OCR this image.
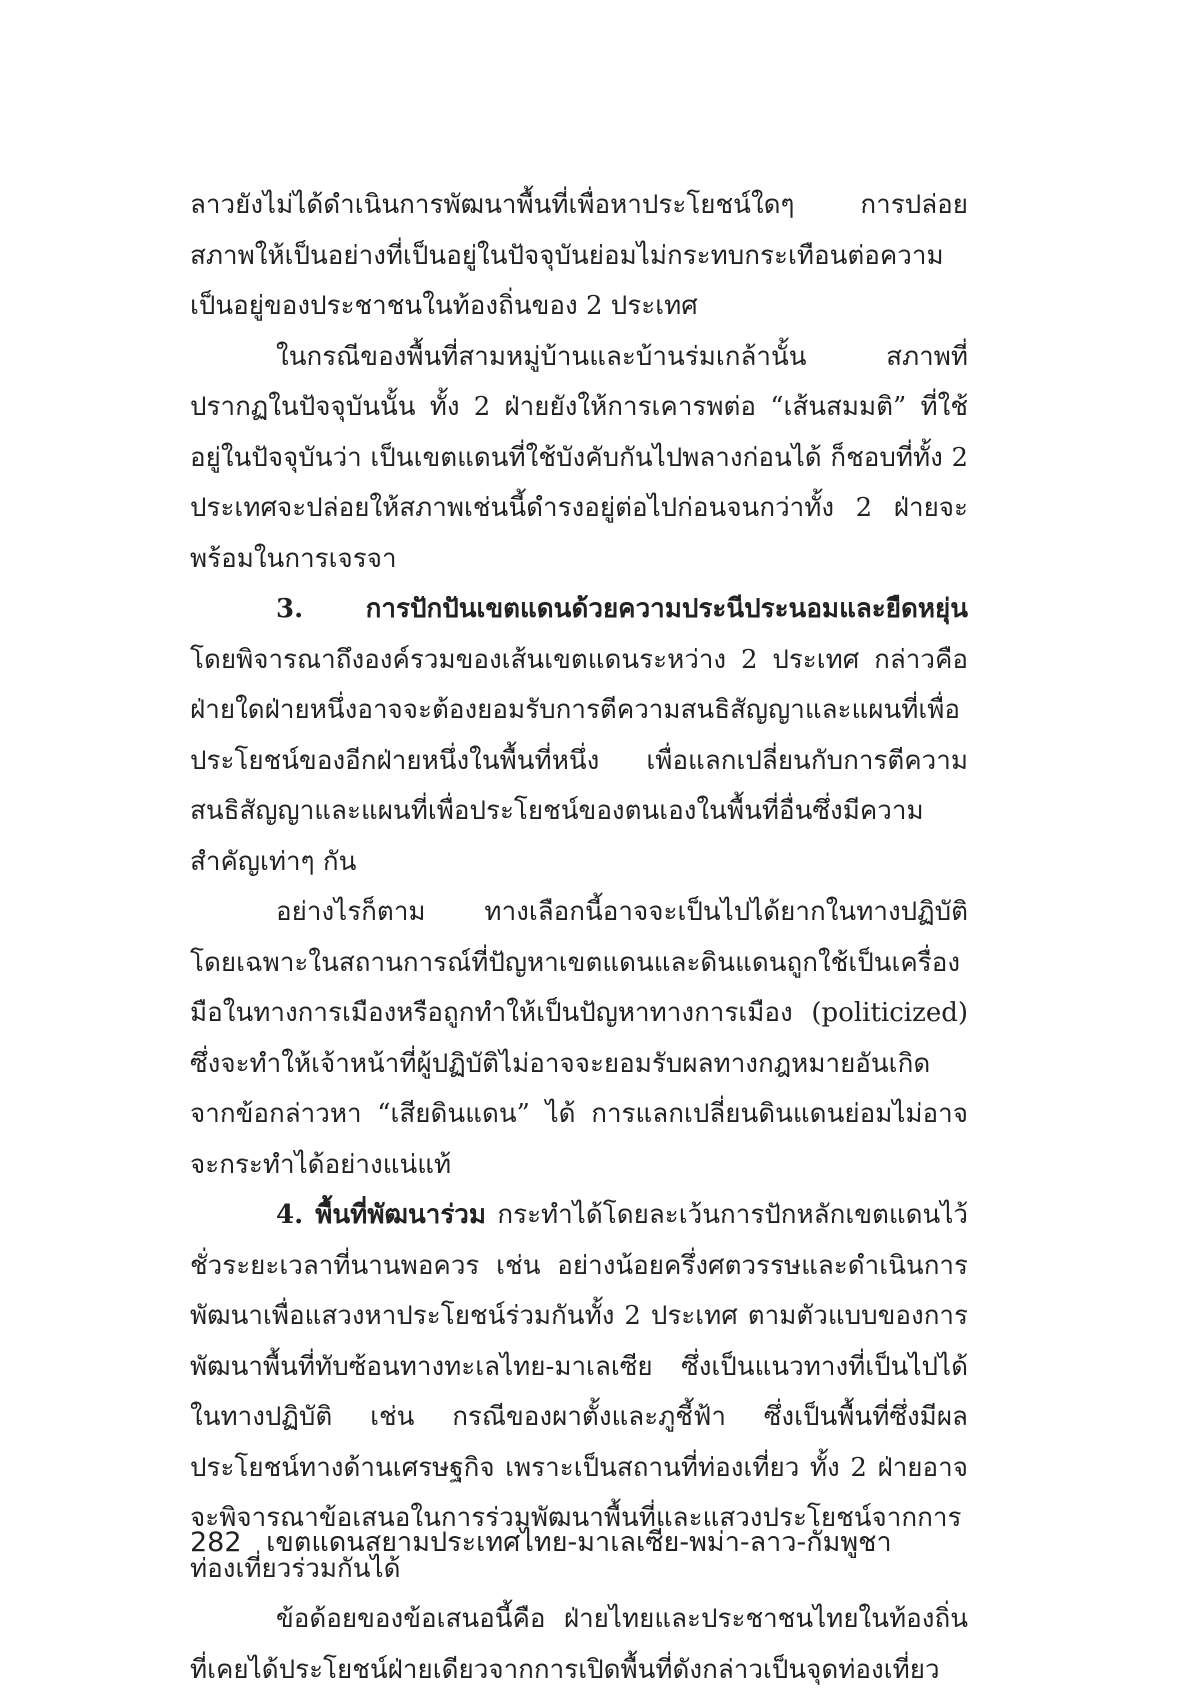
ลาวยังไม่ได้ดำเนินการพัฒนาพื้นที่เพื่อหาประโยชน์ใดๆ การปล่อยสภาพให้เป็นอย่างที่เป็นอยู่ในปัจจุบันย่อมไม่กระทบกระเทือนต่อความเป็นอยู่ของประชาชนในท้องถิ่นของ 2 ประเทศ

ในกรณีของพื้นที่สามหมู่บ้านและบ้านร่มเกล้านั้น สภาพที่ปรากฏในปัจจุบันนั้น ทั้ง 2 ฝ่ายยังให้การเคารพต่อ “เส้นสมมติ” ที่ใช้อยู่ในปัจจุบันว่า เป็นเขตแดนที่ใช้บังคับกันไปพลางก่อนได้ ก็ชอบที่ทั้ง 2 ประเทศจะปล่อยให้สภาพเช่นนี้ดำรงอยู่ต่อไปก่อนจนกว่าทั้ง 2 ฝ่ายจะพร้อมในการเจรจา

3. การปักปันเขตแดนด้วยความประนีประนอมและยืดหยุ่น โดยพิจารณาถึงองค์รวมของเส้นเขตแดนระหว่าง 2 ประเทศ กล่าวคือ ฝ่ายใดฝ่ายหนึ่งอาจจะต้องยอมรับการตีความสนธิสัญญาและแผนที่เพื่อประโยชน์ของอีกฝ่ายหนึ่งในพื้นที่หนึ่ง เพื่อแลกเปลี่ยนกับการตีความสนธิสัญญาและแผนที่เพื่อประโยชน์ของตนเองในพื้นที่อื่นซึ่งมีความสำคัญเท่าๆ กัน

อย่างไรก็ตาม ทางเลือกนี้อาจจะเป็นไปได้ยากในทางปฏิบัติ โดยเฉพาะในสถานการณ์ที่ปัญหาเขตแดนและดินแดนถูกใช้เป็นเครื่องมือในทางการเมืองหรือถูกทำให้เป็นปัญหาทางการเมือง (politicized) ซึ่งจะทำให้เจ้าหน้าที่ผู้ปฏิบัติไม่อาจจะยอมรับผลทางกฎหมายอันเกิดจากข้อกล่าวหา “เสียดินแดน” ได้ การแลกเปลี่ยนดินแดนย่อมไม่อาจจะกระทำได้อย่างแน่แท้

4. พื้นที่พัฒนาร่วม กระทำได้โดยละเว้นการปักหลักเขตแดนไว้ชั่วระยะเวลาที่นานพอควร เช่น อย่างน้อยครึ่งศตวรรษและดำเนินการพัฒนาเพื่อแสวงหาประโยชน์ร่วมกันทั้ง 2 ประเทศ ตามตัวแบบของการพัฒนาพื้นที่ทับซ้อนทางทะเลไทย-มาเลเซีย ซึ่งเป็นแนวทางที่เป็นไปได้ในทางปฏิบัติ เช่น กรณีของผาตั้งและภูชี้ฟ้า ซึ่งเป็นพื้นที่ซึ่งมีผลประโยชน์ทางด้านเศรษฐกิจ เพราะเป็นสถานที่ท่องเที่ยว ทั้ง 2 ฝ่ายอาจจะพิจารณาข้อเสนอในการร่วมพัฒนาพื้นที่และแสวงประโยชน์จากการท่องเที่ยวร่วมกันได้

ข้อด้อยของข้อเสนอนี้คือ ฝ่ายไทยและประชาชนไทยในท้องถิ่นที่เคยได้ประโยชน์ฝ่ายเดียวจากการเปิดพื้นที่ดังกล่าวเป็นจุดท่องเที่ยว

282 เขตแดนสยามประเทศไทย-มาเลเซีย-พม่า-ลาว-กัมพูชา
